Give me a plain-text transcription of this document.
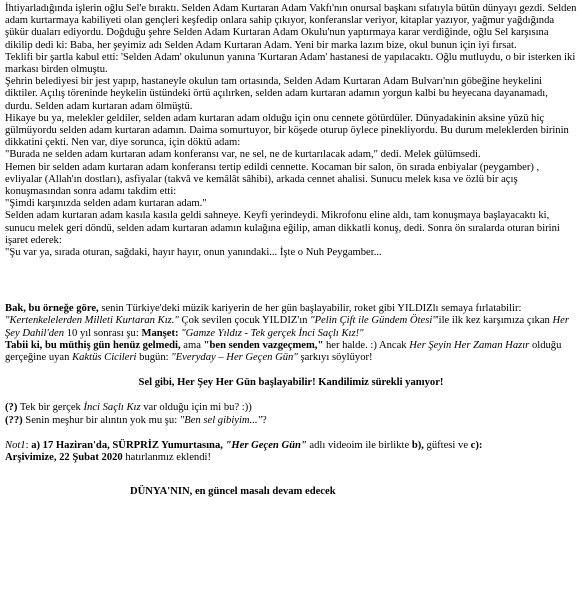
İhtiyarladığında işlerin oğlu Sel'e bıraktı. Selden Adam Kurtaran Adam Vakfı'nın onursal başkanı sıfatıyla bütün dünyayı gezdi. Selden adam kurtarmaya kabiliyeti olan gençleri keşfedip onlara sahip çıkıyor, konferanslar veriyor, kitaplar yazıyor, yağmur yağdığında şükür duaları ediyordu. Doğduğu şehre Selden Adam Kurtaran Adam Okulu'nun yaptırmaya karar verdiğinde, oğlu Sel karşısına dikilip dedi ki: Baba, her şeyimiz adı Selden Adam Kurtaran Adam. Yeni bir marka lazım bize, okul bunun için iyi fırsat.

Teklifi bir şartla kabul etti: 'Selden Adam' okulunun yanına 'Kurtaran Adam' hastanesi de yapılacaktı. Oğlu mutluydu, o bir isterken iki markası birden olmuştu.

Şehrin belediyesi bir jest yapıp, hastaneyle okulun tam ortasında, Selden Adam Kurtaran Adam Bulvarı'nın göbeğine heykelini diktiler. Açılış töreninde heykelin üstündeki örtü açılırken, selden adam kurtaran adamın yorgun kalbi bu heyecana dayanamadı, durdu. Selden adam kurtaran adam ölmüştü.

Hikaye bu ya, melekler geldiler, selden adam kurtaran adam olduğu için onu cennete götürdüler. Dünyadakinin aksine yüzü hiç gülmüyordu selden adam kurtaran adamın. Daima somurtuyor, bir köşede oturup öylece pinekliyordu. Bu durum meleklerden birinin dikkatini çekti. Nen var, diye sorunca, için döktü adam:

"Burada ne selden adam kurtaran adam konferansı var, ne sel, ne de kurtarılacak adam," dedi. Melek gülümsedi.

Hemen bir selden adam kurtaran adam konferansı tertip edildi cennette. Kocaman bir salon, ön sırada enbiyalar (peygamber) , evliyalar (Allah'ın dostları), asfiyalar (takvâ ve kemâlât sâhibi), arkada cennet ahalisi. Sunucu melek kısa ve özlü bir açış konuşmasından sonra adamı takdim etti:

"Şimdi karşınızda selden adam kurtaran adam."

Selden adam kurtaran adam kasıla kasıla geldi sahneye. Keyfi yerindeydi. Mikrofonu eline aldı, tam konuşmaya başlayacaktı ki, sunucu melek geri döndü, selden adam kurtaran adamın kulağına eğilip, aman dikkatli konuş, dedi. Sonra ön sıralarda oturan birini işaret ederek:

"Şu var ya, sırada oturan, sağdaki, hayır hayır, onun yanındaki... İşte o Nuh Peygamber...

Bak, bu örneğe göre, senin Türkiye'deki müzik kariyerin de her gün başlayabilir, roket gibi YILDIZlı semaya fırlatabilir: "Kertenkelelerden Milleti Kurtaran Kız." Çok sevilen çocuk YILDIZ'ın "Pelin Çift ile Gündem Ötesi"'ile ilk kez karşımıza çıkan Her Şey Dahil'den 10 yıl sonrası şu: Manşet: "Gamze Yıldız - Tek gerçek İnci Saçlı Kız!"
Tabii ki, bu müthiş gün henüz gelmedi, ama "ben senden vazgeçmem," her halde. :) Ancak Her Şeyin Her Zaman Hazır olduğu gerçeğine uyan Kaktüs Cicileri bugün: "Everyday – Her Geçen Gün" şarkıyı söylüyor!

Sel gibi, Her Şey Her Gün başlayabilir! Kandilimiz sürekli yanıyor!

(?) Tek bir gerçek İnci Saçlı Kız var olduğu için mi bu? :))

(??) Senin meşhur bir alıntın yok mu şu: "Ben sel gibiyim..."?

Not1: a) 17 Haziran'da, SÜRPRİZ Yumurtasına, "Her Geçen Gün" adlı videoim ile birlikte b), güftesi ve c):
Arşivimize, 22 Şubat 2020 hatırlanmız eklendi!

DÜNYA'NIN, en güncel masalı devam edecek
